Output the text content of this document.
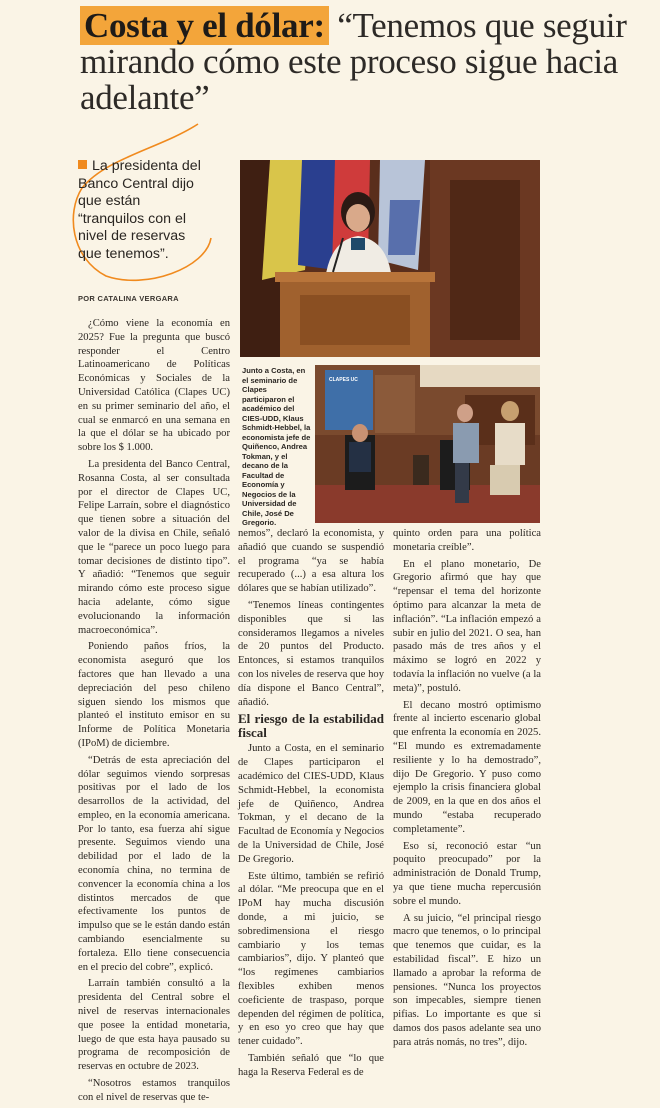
Costa y el dólar: “Tenemos que seguir mirando cómo este proceso sigue hacia adelante”
La presidenta del Banco Central dijo que están “tranquilos con el nivel de reservas que tenemos”.
POR CATALINA VERGARA
Junto a Costa, en el seminario de Clapes participaron el académico del CIES-UDD, Klaus Schmidt-Hebbel, la economista jefe de Quiñenco, Andrea Tokman, y el decano de la Facultad de Economía y Negocios de la Universidad de Chile, José De Gregorio.
CLAPES UC

¿Cómo viene la economía en 2025? Fue la pregunta que buscó responder el Centro Latinoamericano de Políticas Económicas y Sociales de la Universidad Católica (Clapes UC) en su primer seminario del año, el cual se enmarcó en una semana en la que el dólar se ha ubicado por sobre los $ 1.000.

La presidenta del Banco Central, Rosanna Costa, al ser consultada por el director de Clapes UC, Felipe Larraín, sobre el diagnóstico que tienen sobre a situación del valor de la divisa en Chile, señaló que le “parece un poco luego para tomar decisiones de distinto tipo”. Y añadió: “Tenemos que seguir mirando cómo este proceso sigue hacia adelante, cómo sigue evolucionando la información macroeconómica”.

Poniendo paños fríos, la economista aseguró que los factores que han llevado a una depreciación del peso chileno siguen siendo los mismos que planteó el instituto emisor en su Informe de Política Monetaria (IPoM) de diciembre.

“Detrás de esta apreciación del dólar seguimos viendo sorpresas positivas por el lado de los desarrollos de la actividad, del empleo, en la economía americana. Por lo tanto, esa fuerza ahí sigue presente. Seguimos viendo una debilidad por el lado de la economía china, no termina de convencer la economía china a los distintos mercados de que efectivamente los puntos de impulso que se le están dando están cambiando esencialmente su fortaleza. Ello tiene consecuencia en el precio del cobre”, explicó.

Larraín también consultó a la presidenta del Central sobre el nivel de reservas internacionales que posee la entidad monetaria, luego de que esta haya pausado su programa de recomposición de reservas en octubre de 2023.

“Nosotros estamos tranquilos con el nivel de reservas que te-

nemos”, declaró la economista, y añadió que cuando se suspendió el programa “ya se había recuperado (...) a esa altura los dólares que se habían utilizado”.

“Tenemos líneas contingentes disponibles que si las consideramos llegamos a niveles de 20 puntos del Producto. Entonces, si estamos tranquilos con los niveles de reserva que hoy día dispone el Banco Central”, añadió.

El riesgo de la estabilidad fiscal

Junto a Costa, en el seminario de Clapes participaron el académico del CIES-UDD, Klaus Schmidt-Hebbel, la economista jefe de Quiñenco, Andrea Tokman, y el decano de la Facultad de Economía y Negocios de la Universidad de Chile, José De Gregorio.

Este último, también se refirió al dólar. “Me preocupa que en el IPoM hay mucha discusión donde, a mi juicio, se sobredimensiona el riesgo cambiario y los temas cambiarios”, dijo. Y planteó que “los regímenes cambiarios flexibles exhiben menos coeficiente de traspaso, porque dependen del régimen de política, y en eso yo creo que hay que tener cuidado”.

También señaló que “lo que haga la Reserva Federal es de

quinto orden para una política monetaria creíble”.

En el plano monetario, De Gregorio afirmó que hay que “repensar el tema del horizonte óptimo para alcanzar la meta de inflación”. “La inflación empezó a subir en julio del 2021. O sea, han pasado más de tres años y el máximo se logró en 2022 y todavía la inflación no vuelve (a la meta)”, postuló.

El decano mostró optimismo frente al incierto escenario global que enfrenta la economía en 2025. “El mundo es extremadamente resiliente y lo ha demostrado”, dijo De Gregorio. Y puso como ejemplo la crisis financiera global de 2009, en la que en dos años el mundo “estaba recuperado completamente”.

Eso sí, reconoció estar “un poquito preocupado” por la administración de Donald Trump, ya que tiene mucha repercusión sobre el mundo.

A su juicio, “el principal riesgo macro que tenemos, o lo principal que tenemos que cuidar, es la estabilidad fiscal”. E hizo un llamado a aprobar la reforma de pensiones. “Nunca los proyectos son impecables, siempre tienen pifias. Lo importante es que si damos dos pasos adelante sea uno para atrás nomás, no tres”, dijo.
